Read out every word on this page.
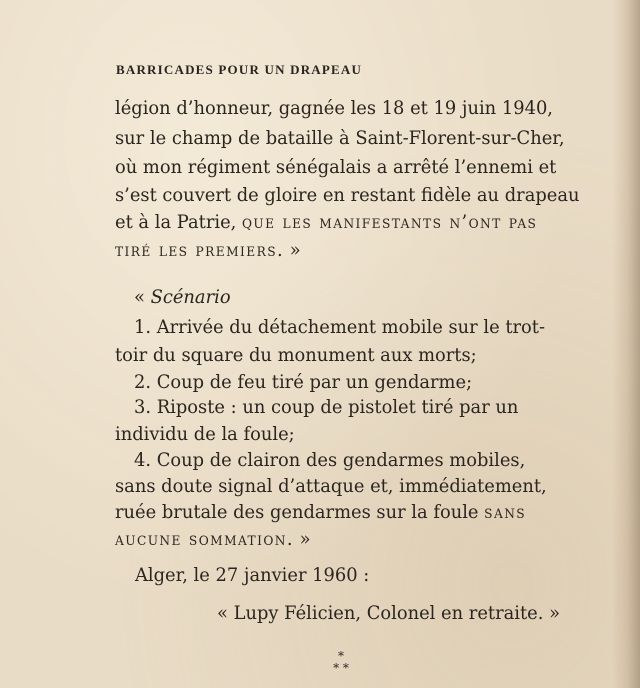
BARRICADES POUR UN DRAPEAU
légion d’honneur, gagnée les 18 et 19 juin 1940,
sur le champ de bataille à Saint-Florent-sur-Cher,
où mon régiment sénégalais a arrêté l’ennemi et
s’est couvert de gloire en restant fidèle au drapeau
et à la Patrie, que les manifestants n’ont pas
tiré les premiers. »
« Scénario
1. Arrivée du détachement mobile sur le trot-
toir du square du monument aux morts;
2. Coup de feu tiré par un gendarme;
3. Riposte : un coup de pistolet tiré par un
individu de la foule;
4. Coup de clairon des gendarmes mobiles,
sans doute signal d’attaque et, immédiatement,
ruée brutale des gendarmes sur la foule sans
aucune sommation. »
Alger, le 27 janvier 1960 :
« Lupy Félicien, Colonel en retraite. »
*
* *
